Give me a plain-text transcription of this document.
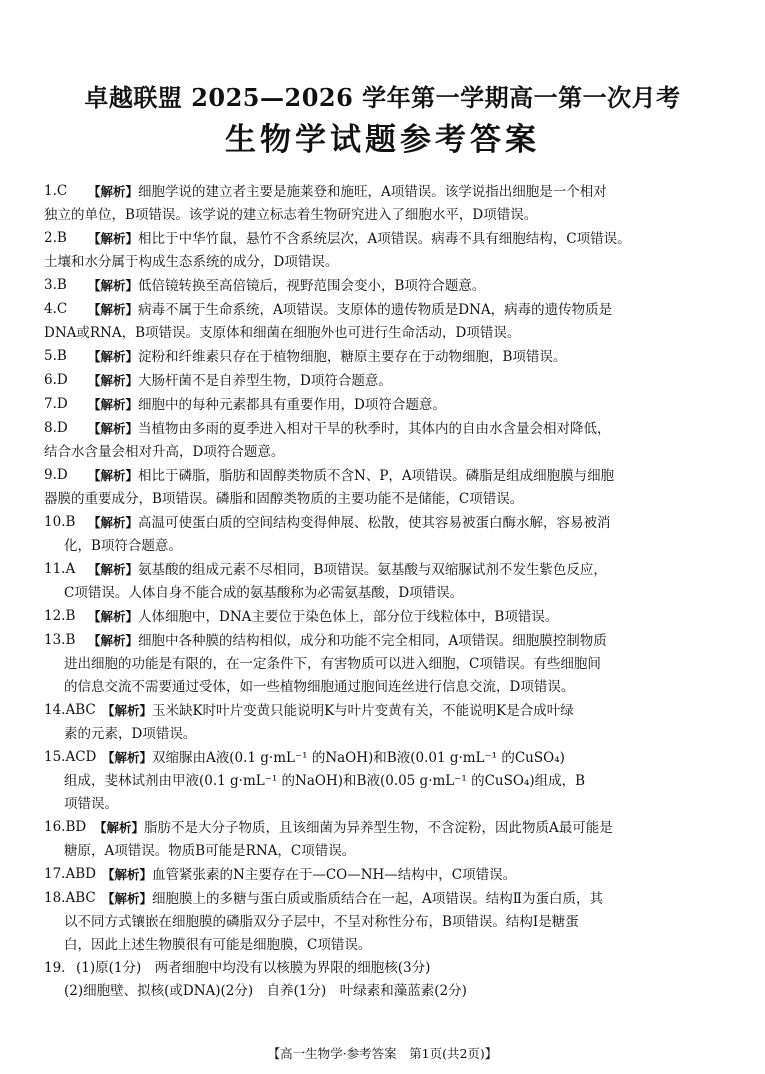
卓越联盟 2025—2026 学年第一学期高一第一次月考
生物学试题参考答案
1.C	【解析】细胞学说的建立者主要是施莱登和施旺，A项错误。该学说指出细胞是一个相对
独立的单位，B项错误。该学说的建立标志着生物研究进入了细胞水平，D项错误。
2.B	【解析】相比于中华竹鼠，悬竹不含系统层次，A项错误。病毒不具有细胞结构，C项错误。
土壤和水分属于构成生态系统的成分，D项错误。
3.B	【解析】低倍镜转换至高倍镜后，视野范围会变小，B项符合题意。
4.C	【解析】病毒不属于生命系统，A项错误。支原体的遗传物质是DNA，病毒的遗传物质是
DNA或RNA，B项错误。支原体和细菌在细胞外也可进行生命活动，D项错误。
5.B	【解析】淀粉和纤维素只存在于植物细胞，糖原主要存在于动物细胞，B项错误。
6.D	【解析】大肠杆菌不是自养型生物，D项符合题意。
7.D	【解析】细胞中的每种元素都具有重要作用，D项符合题意。
8.D	【解析】当植物由多雨的夏季进入相对干旱的秋季时，其体内的自由水含量会相对降低，
结合水含量会相对升高，D项符合题意。
9.D	【解析】相比于磷脂，脂肪和固醇类物质不含N、P，A项错误。磷脂是组成细胞膜与细胞
器膜的重要成分，B项错误。磷脂和固醇类物质的主要功能不是储能，C项错误。
10.B	【解析】高温可使蛋白质的空间结构变得伸展、松散，使其容易被蛋白酶水解，容易被消
化，B项符合题意。
11.A	【解析】氨基酸的组成元素不尽相同，B项错误。氨基酸与双缩脲试剂不发生紫色反应，
C项错误。人体自身不能合成的氨基酸称为必需氨基酸，D项错误。
12.B	【解析】人体细胞中，DNA主要位于染色体上，部分位于线粒体中，B项错误。
13.B	【解析】细胞中各种膜的结构相似，成分和功能不完全相同，A项错误。细胞膜控制物质
进出细胞的功能是有限的，在一定条件下，有害物质可以进入细胞，C项错误。有些细胞间
的信息交流不需要通过受体，如一些植物细胞通过胞间连丝进行信息交流，D项错误。
14.ABC 【解析】玉米缺K时叶片变黄只能说明K与叶片变黄有关，不能说明K是合成叶绿
素的元素，D项错误。
15.ACD 【解析】双缩脲由A液(0.1 g·mL⁻¹ 的NaOH)和B液(0.01 g·mL⁻¹ 的CuSO₄)
组成，斐林试剂由甲液(0.1 g·mL⁻¹ 的NaOH)和B液(0.05 g·mL⁻¹ 的CuSO₄)组成，B
项错误。
16.BD 【解析】脂肪不是大分子物质，且该细菌为异养型生物，不含淀粉，因此物质A最可能是
糖原，A项错误。物质B可能是RNA，C项错误。
17.ABD 【解析】血管紧张素的N主要存在于—CO—NH—结构中，C项错误。
18.ABC 【解析】细胞膜上的多糖与蛋白质或脂质结合在一起，A项错误。结构Ⅱ为蛋白质，其
以不同方式镶嵌在细胞膜的磷脂双分子层中，不呈对称性分布，B项错误。结构Ⅰ是糖蛋
白，因此上述生物膜很有可能是细胞膜，C项错误。
19. (1)原(1分)　两者细胞中均没有以核膜为界限的细胞核(3分)
(2)细胞壁、拟核(或DNA)(2分)　自养(1分)　叶绿素和藻蓝素(2分)
【高一生物学·参考答案　第1页(共2页)】
